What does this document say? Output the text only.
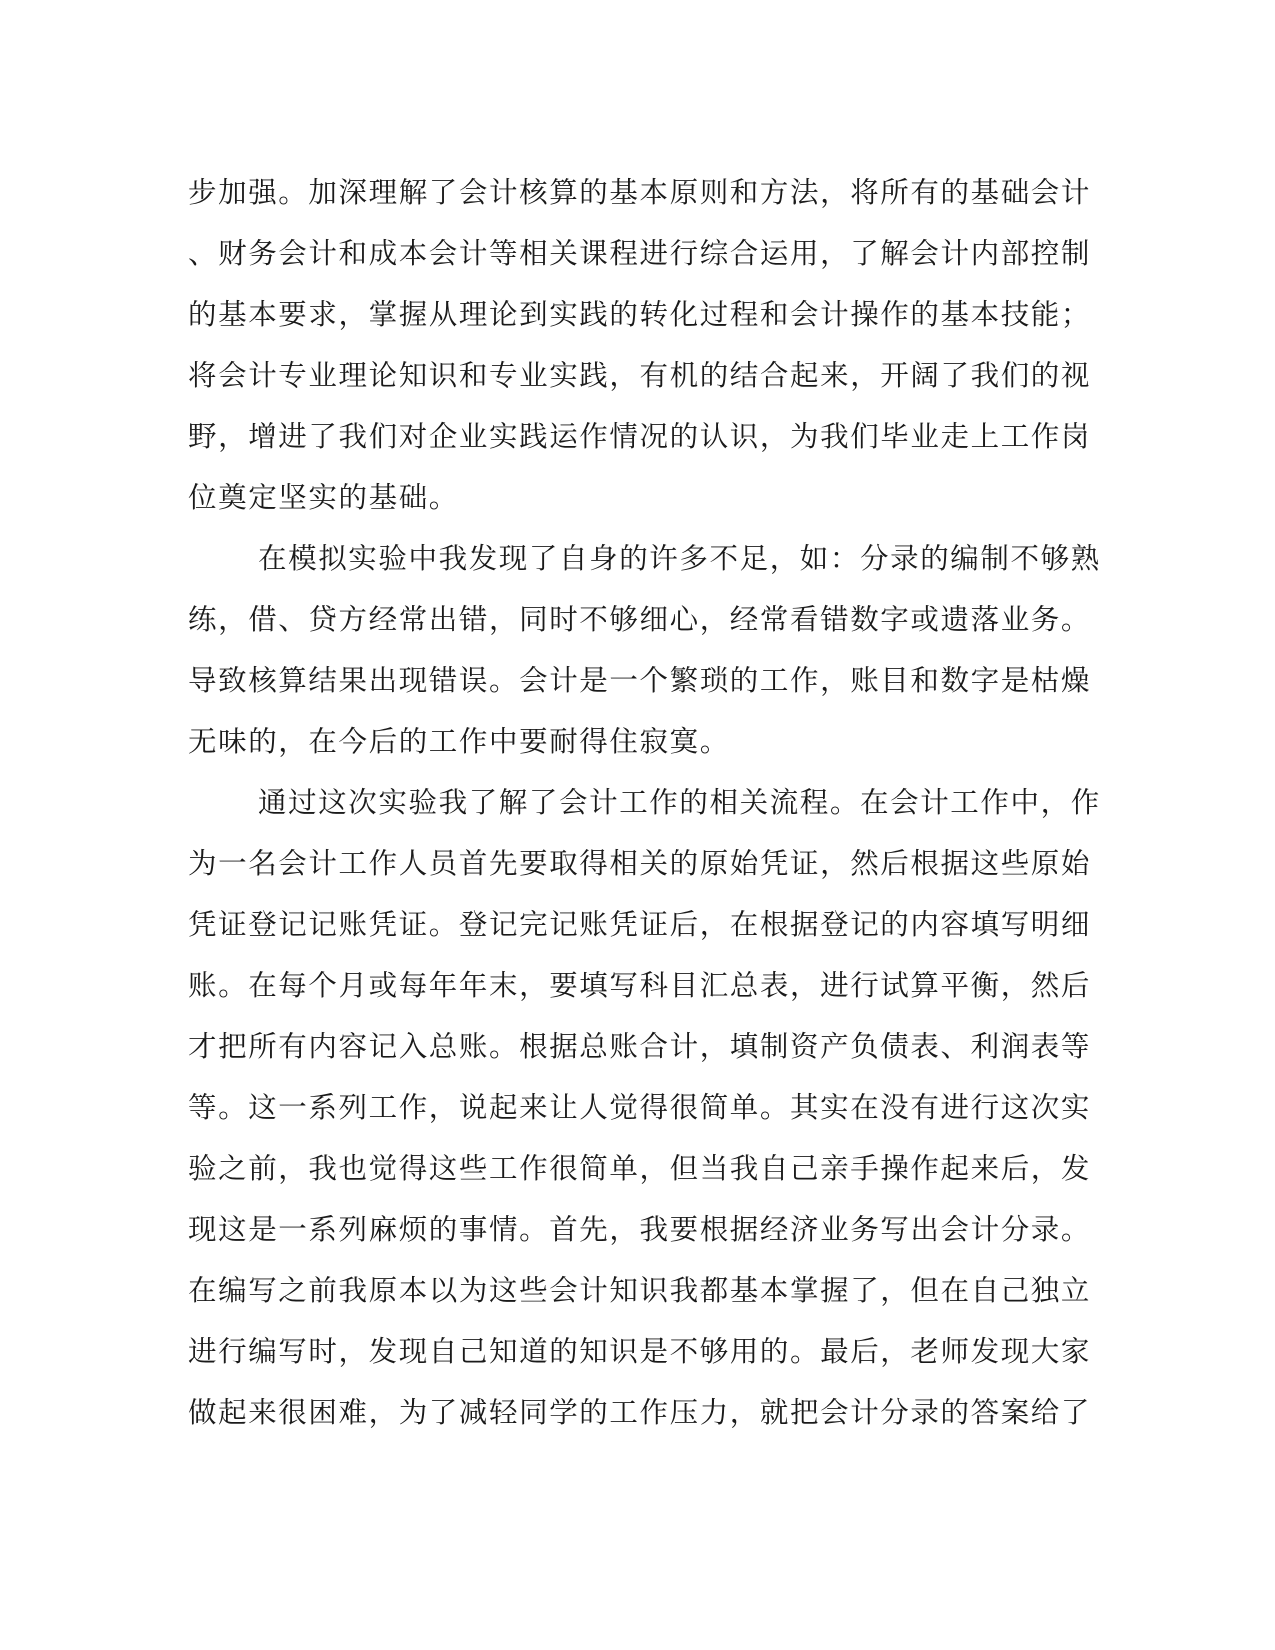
步加强。加深理解了会计核算的基本原则和方法，将所有的基础会计
、财务会计和成本会计等相关课程进行综合运用，了解会计内部控制
的基本要求，掌握从理论到实践的转化过程和会计操作的基本技能；
将会计专业理论知识和专业实践，有机的结合起来，开阔了我们的视
野，增进了我们对企业实践运作情况的认识，为我们毕业走上工作岗
位奠定坚实的基础。
在模拟实验中我发现了自身的许多不足，如：分录的编制不够熟
练，借、贷方经常出错，同时不够细心，经常看错数字或遗落业务。
导致核算结果出现错误。会计是一个繁琐的工作，账目和数字是枯燥
无味的，在今后的工作中要耐得住寂寞。
通过这次实验我了解了会计工作的相关流程。在会计工作中，作
为一名会计工作人员首先要取得相关的原始凭证，然后根据这些原始
凭证登记记账凭证。登记完记账凭证后，在根据登记的内容填写明细
账。在每个月或每年年末，要填写科目汇总表，进行试算平衡，然后
才把所有内容记入总账。根据总账合计，填制资产负债表、利润表等
等。这一系列工作，说起来让人觉得很简单。其实在没有进行这次实
验之前，我也觉得这些工作很简单，但当我自己亲手操作起来后，发
现这是一系列麻烦的事情。首先，我要根据经济业务写出会计分录。
在编写之前我原本以为这些会计知识我都基本掌握了，但在自己独立
进行编写时，发现自己知道的知识是不够用的。最后，老师发现大家
做起来很困难，为了减轻同学的工作压力，就把会计分录的答案给了
